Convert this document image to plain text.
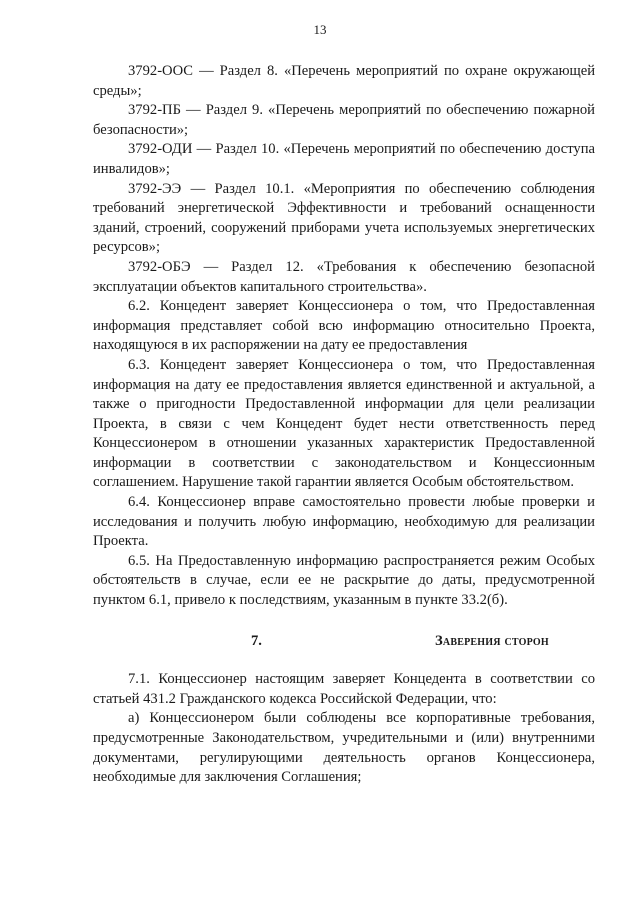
13

3792-ООС — Раздел 8. «Перечень мероприятий по охране окружающей среды»;

3792-ПБ — Раздел 9. «Перечень мероприятий по обеспечению пожарной безопасности»;

3792-ОДИ — Раздел 10. «Перечень мероприятий по обеспечению доступа инвалидов»;

3792-ЭЭ — Раздел 10.1. «Мероприятия по обеспечению соблюдения требований энергетической Эффективности и требований оснащенности зданий, строений, сооружений приборами учета используемых энергетических ресурсов»;

3792-ОБЭ — Раздел 12. «Требования к обеспечению безопасной эксплуатации объектов капитального строительства».

6.2. Концедент заверяет Концессионера о том, что Предоставленная информация представляет собой всю информацию относительно Проекта, находящуюся в их распоряжении на дату ее предоставления

6.3. Концедент заверяет Концессионера о том, что Предоставленная информация на дату ее предоставления является единственной и актуальной, а также о пригодности Предоставленной информации для цели реализации Проекта, в связи с чем Концедент будет нести ответственность перед Концессионером в отношении указанных характеристик Предоставленной информации в соответствии с законодательством и Концессионным соглашением. Нарушение такой гарантии является Особым обстоятельством.

6.4. Концессионер вправе самостоятельно провести любые проверки и исследования и получить любую информацию, необходимую для реализации Проекта.

6.5. На Предоставленную информацию распространяется режим Особых обстоятельств в случае, если ее не раскрытие до даты, предусмотренной пунктом 6.1, привело к последствиям, указанным в пункте 33.2(б).

7.	Заверения сторон

7.1. Концессионер настоящим заверяет Концедента в соответствии со статьей 431.2 Гражданского кодекса Российской Федерации, что:

а) Концессионером были соблюдены все корпоративные требования, предусмотренные Законодательством, учредительными и (или) внутренними документами, регулирующими деятельность органов Концессионера, необходимые для заключения Соглашения;
